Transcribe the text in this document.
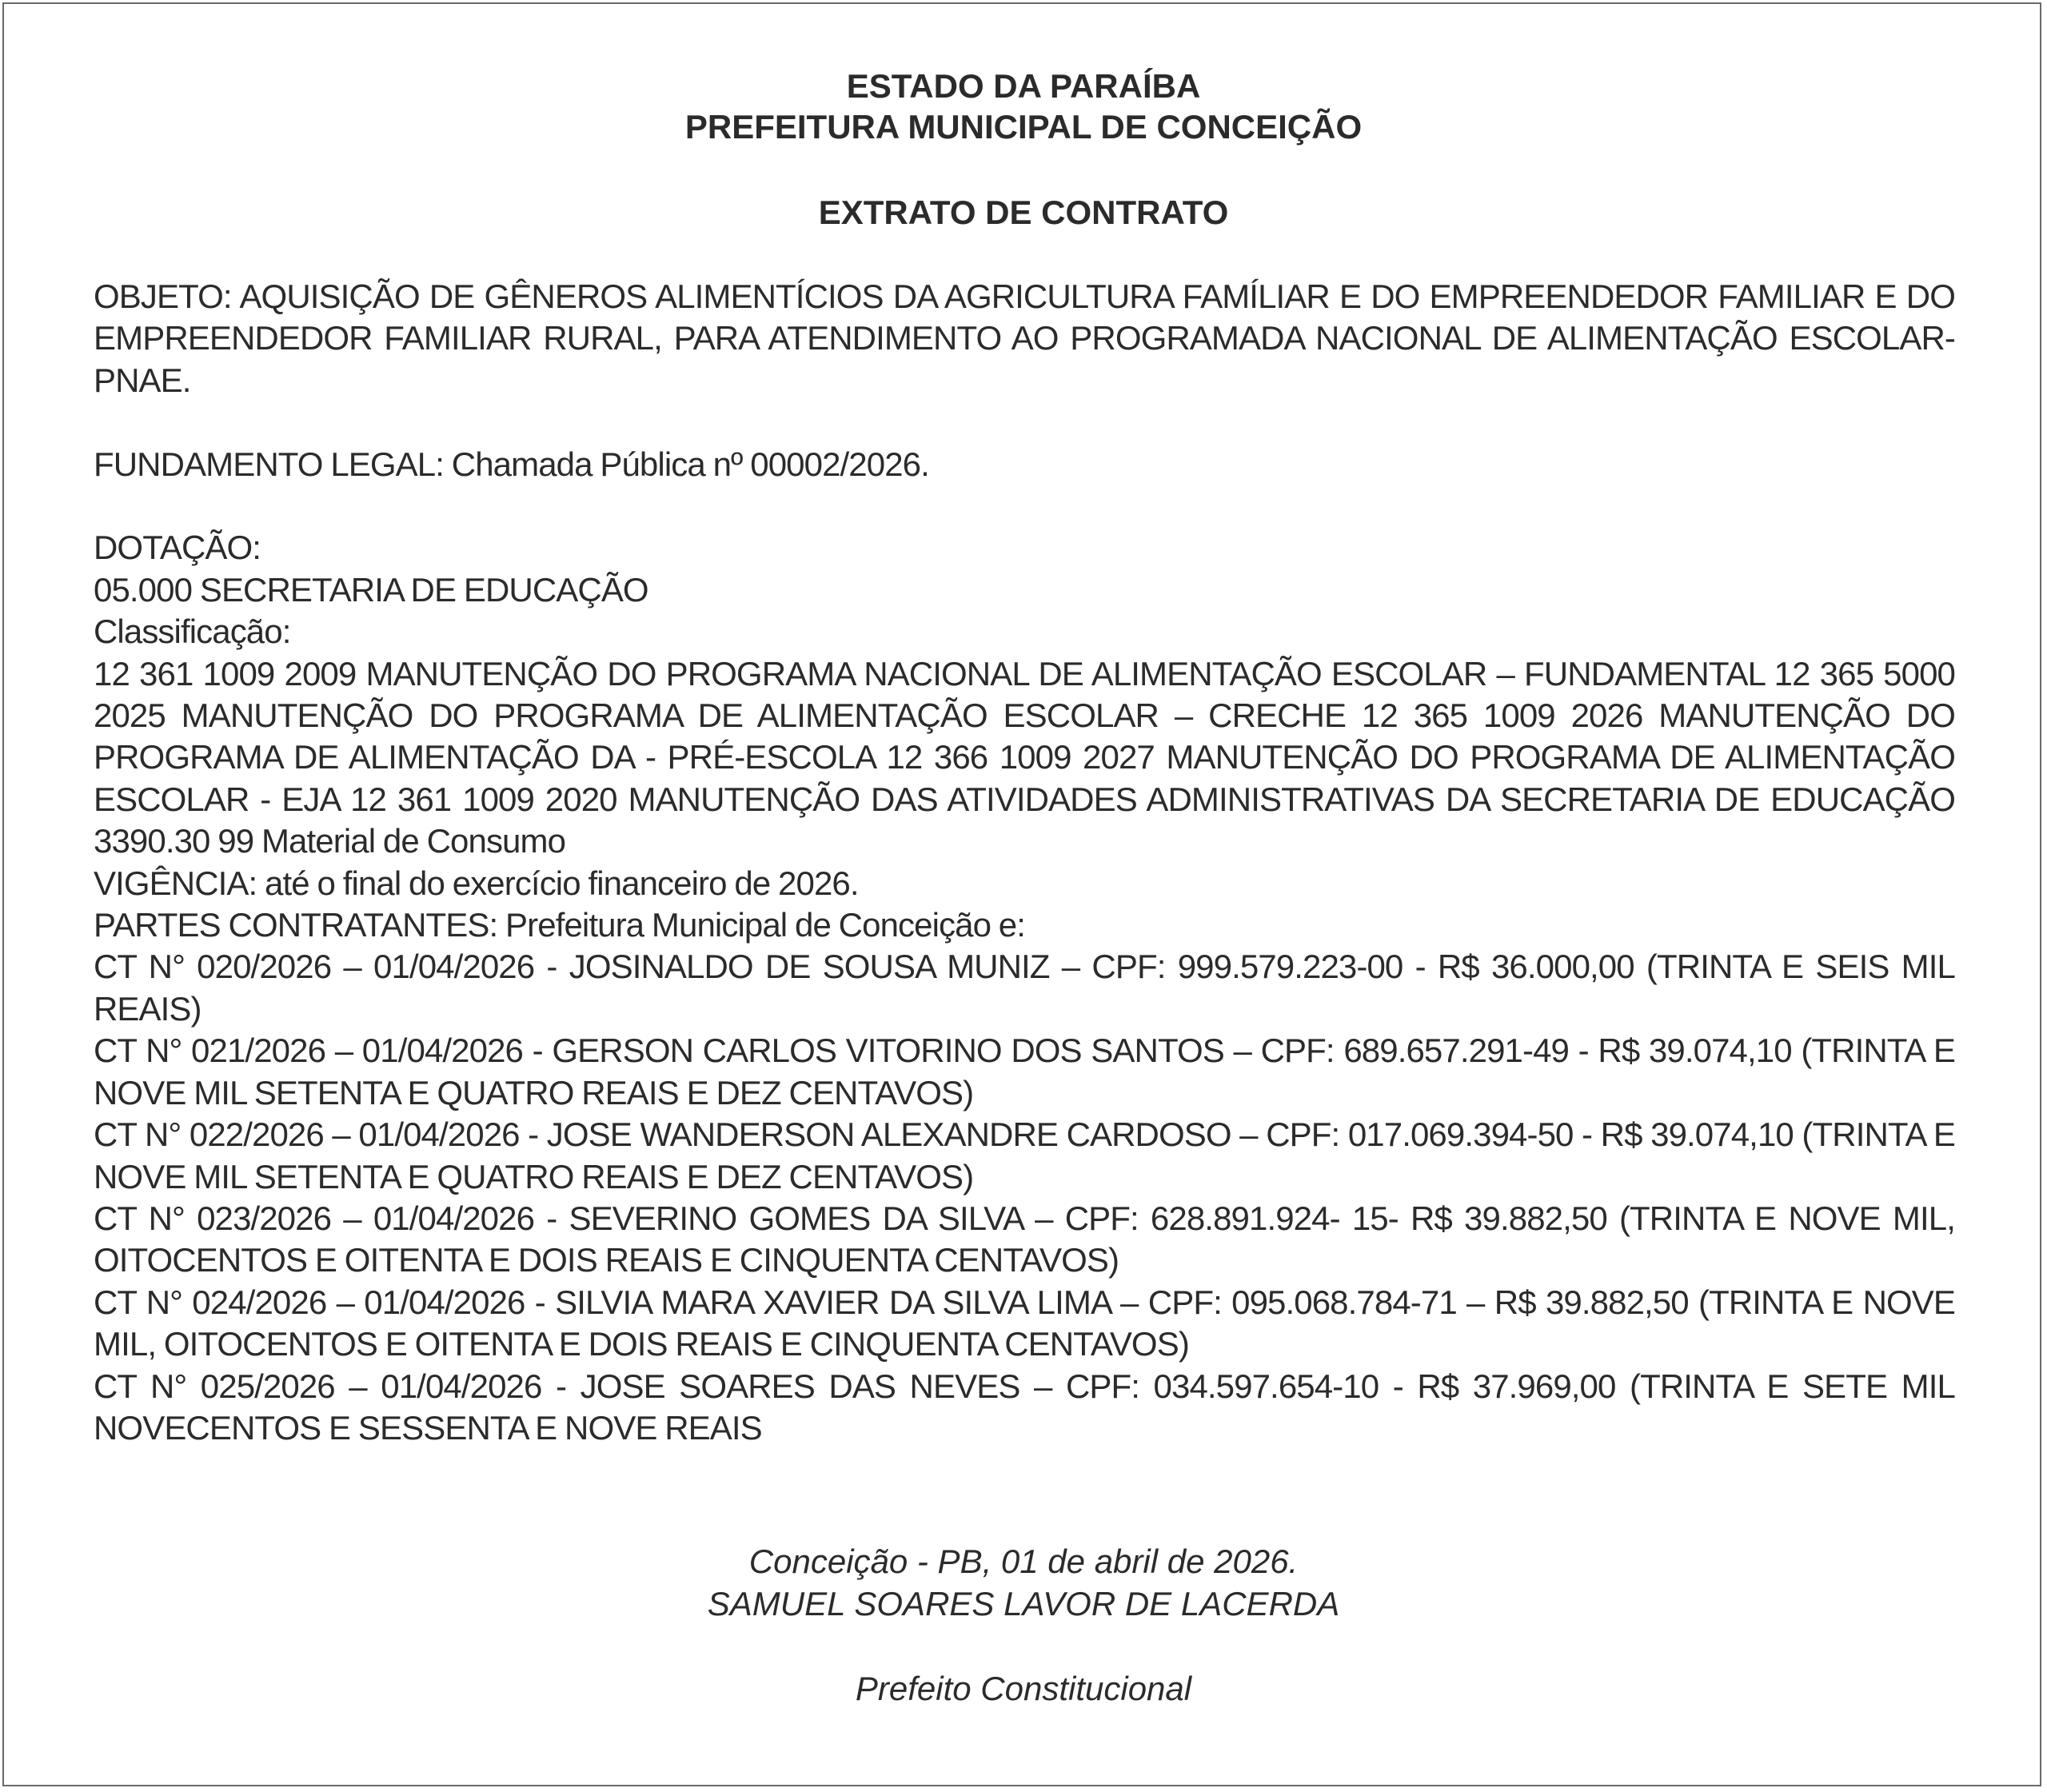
ESTADO DA PARAÍBA
PREFEITURA MUNICIPAL DE CONCEIÇÃO
EXTRATO DE CONTRATO

OBJETO: AQUISIÇÃO DE GÊNEROS ALIMENTÍCIOS DA AGRICULTURA FAMÍLIAR E DO EMPREENDEDOR FAMILIAR E DO EMPREENDEDOR FAMILIAR RURAL, PARA ATENDIMENTO AO PROGRAMADA NACIONAL DE ALIMENTAÇÃO ESCOLAR-PNAE.

FUNDAMENTO LEGAL: Chamada Pública nº 00002/2026.

DOTAÇÃO:

05.000 SECRETARIA DE EDUCAÇÃO

Classificação:

12 361 1009 2009 MANUTENÇÃO DO PROGRAMA NACIONAL DE ALIMENTAÇÃO ESCOLAR – FUNDAMENTAL 12 365 5000 2025 MANUTENÇÃO DO PROGRAMA DE ALIMENTAÇÃO ESCOLAR – CRECHE 12 365 1009 2026 MANUTENÇÃO DO PROGRAMA DE ALIMENTAÇÃO DA - PRÉ-ESCOLA 12 366 1009 2027 MANUTENÇÃO DO PROGRAMA DE ALIMENTAÇÃO ESCOLAR - EJA 12 361 1009 2020 MANUTENÇÃO DAS ATIVIDADES ADMINISTRATIVAS DA SECRETARIA DE EDUCAÇÃO 3390.30 99 Material de Consumo

VIGÊNCIA: até o final do exercício financeiro de 2026.

PARTES CONTRATANTES: Prefeitura Municipal de Conceição e:

CT N° 020/2026 – 01/04/2026 - JOSINALDO DE SOUSA MUNIZ – CPF: 999.579.223-00 - R$ 36.000,00 (TRINTA E SEIS MIL REAIS)

CT N° 021/2026 – 01/04/2026 - GERSON CARLOS VITORINO DOS SANTOS – CPF: 689.657.291-49 - R$ 39.074,10 (TRINTA E NOVE MIL SETENTA E QUATRO REAIS E DEZ CENTAVOS)

CT N° 022/2026 – 01/04/2026 - JOSE WANDERSON ALEXANDRE CARDOSO – CPF: 017.069.394-50 - R$ 39.074,10 (TRINTA E NOVE MIL SETENTA E QUATRO REAIS E DEZ CENTAVOS)

CT N° 023/2026 – 01/04/2026 - SEVERINO GOMES DA SILVA – CPF: 628.891.924- 15- R$ 39.882,50 (TRINTA E NOVE MIL, OITOCENTOS E OITENTA E DOIS REAIS E CINQUENTA CENTAVOS)

CT N° 024/2026 – 01/04/2026 - SILVIA MARA XAVIER DA SILVA LIMA – CPF: 095.068.784-71 – R$ 39.882,50 (TRINTA E NOVE MIL, OITOCENTOS E OITENTA E DOIS REAIS E CINQUENTA CENTAVOS)

CT N° 025/2026 – 01/04/2026 - JOSE SOARES DAS NEVES – CPF: 034.597.654-10 - R$ 37.969,00 (TRINTA E SETE MIL NOVECENTOS E SESSENTA E NOVE REAIS

Conceição - PB, 01 de abril de 2026.
SAMUEL SOARES LAVOR DE LACERDA
Prefeito Constitucional
